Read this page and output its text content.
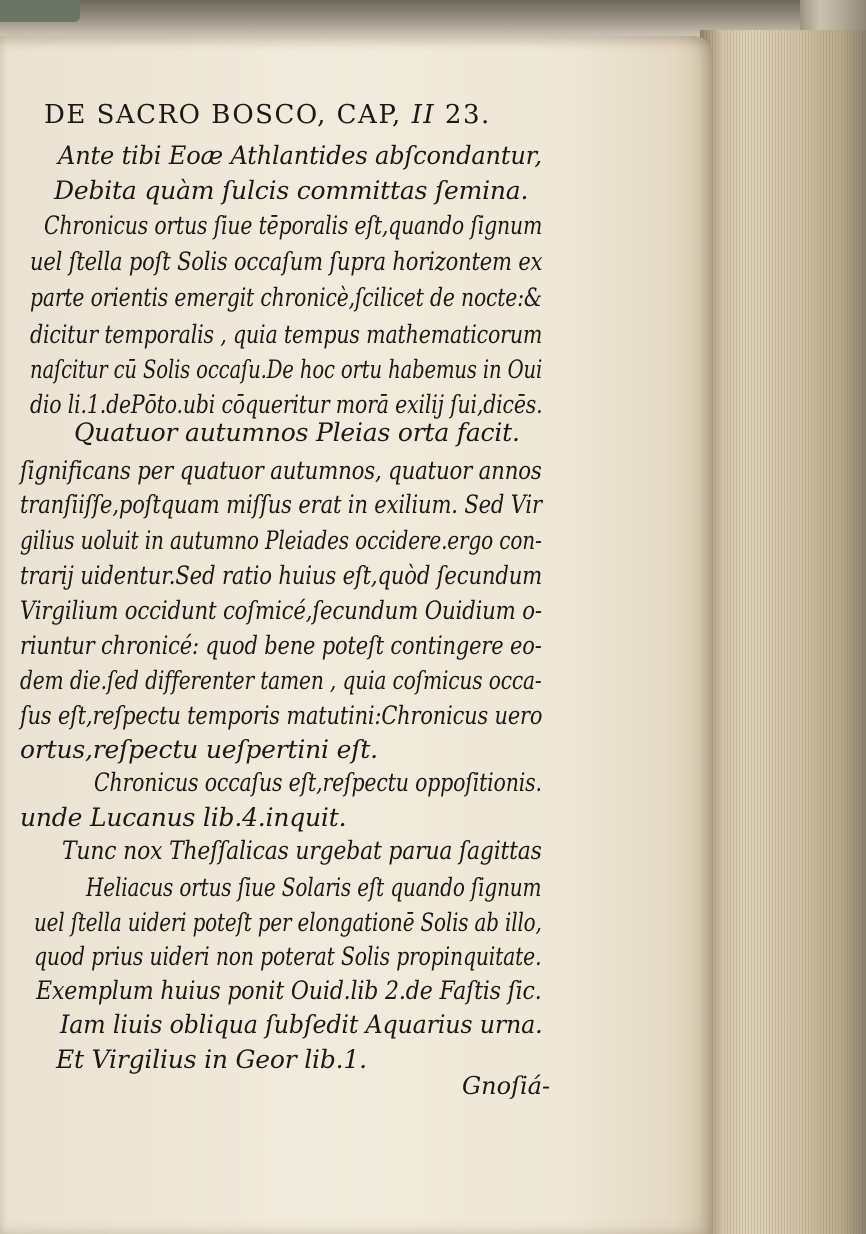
DE SACRO BOSCO, CAP, II 23.
Ante tibi Eoæ Athlantides abſcondantur,
Debita quàm ſulcis committas ſemina.
Chronicus ortus ſiue tēporalis eſt,quando ſignum
uel ſtella poſt Solis occaſum ſupra horizontem ex
parte orientis emergit chronicè,ſcilicet de nocte:&
dicitur temporalis , quia tempus mathematicorum
naſcitur cū Solis occaſu.De hoc ortu habemus in Oui
dio li.1.dePōto.ubi cōqueritur morā exilij ſui,dicēs.
Quatuor autumnos Pleias orta facit.
ſignificans per quatuor autumnos, quatuor annos
tranſiiſſe,poſtquam miſſus erat in exilium. Sed Vir
gilius uoluit in autumno Pleiades occidere.ergo con-
trarij uidentur.Sed ratio huius eſt,quòd ſecundum
Virgilium occidunt coſmicé,ſecundum Ouidium o-
riuntur chronicé: quod bene poteſt contingere eo-
dem die.ſed differenter tamen , quia coſmicus occa-
ſus eſt,reſpectu temporis matutini:Chronicus uero
ortus,reſpectu ueſpertini eſt.
Chronicus occaſus eſt,reſpectu oppoſitionis.
unde Lucanus lib.4.inquit.
Tunc nox Theſſalicas urgebat parua ſagittas
Heliacus ortus ſiue Solaris eſt quando ſignum
uel ſtella uideri poteſt per elongationē Solis ab illo,
quod prius uideri non poterat Solis propinquitate.
Exemplum huius ponit Ouid.lib 2.de Faſtis ſic.
Iam liuis obliqua ſubſedit Aquarius urna.
Et Virgilius in Geor lib.1.
Gnoſiá-
